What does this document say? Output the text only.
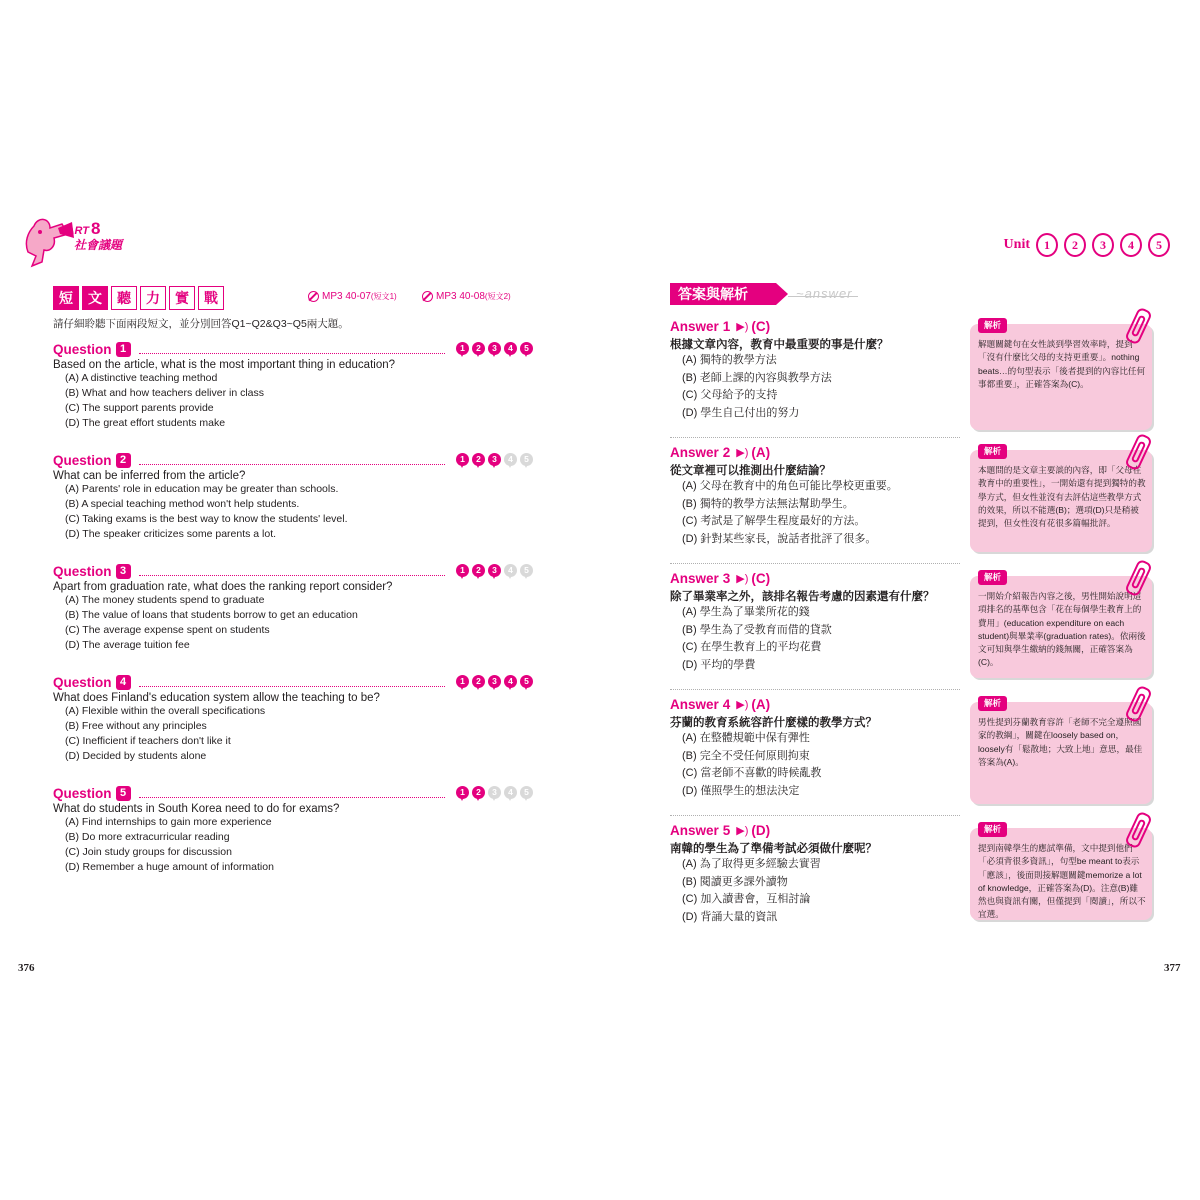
PART 8
社會議題
短	文	聽	力	實	戰	MP3 40-07 (短文1)	MP3 40-08 (短文2)
請仔細聆聽下面兩段短文，並分別回答Q1~Q2&Q3~Q5兩大題。
Question 1	1	2	3	4	5
Based on the article, what is the most important thing in education?
(A) A distinctive teaching method
(B) What and how teachers deliver in class
(C) The support parents provide
(D) The great effort students make
Question 2	1	2	3	4	5
What can be inferred from the article?
(A) Parents' role in education may be greater than schools.
(B) A special teaching method won't help students.
(C) Taking exams is the best way to know the students' level.
(D) The speaker criticizes some parents a lot.
Question 3	1	2	3	4	5
Apart from graduation rate, what does the ranking report consider?
(A) The money students spend to graduate
(B) The value of loans that students borrow to get an education
(C) The average expense spent on students
(D) The average tuition fee
Question 4	1	2	3	4	5
What does Finland's education system allow the teaching to be?
(A) Flexible within the overall specifications
(B) Free without any principles
(C) Inefficient if teachers don't like it
(D) Decided by students alone
Question 5	1	2	3	4	5
What do students in South Korea need to do for exams?
(A) Find internships to gain more experience
(B) Do more extracurricular reading
(C) Join study groups for discussion
(D) Remember a huge amount of information
376
Unit	1	2	3	4	5
答案與解析	~answer
Answer 1 ▶) (C)
根據文章內容，教育中最重要的事是什麼？
(A) 獨特的教學方法
(B) 老師上課的內容與教學方法
(C) 父母給予的支持
(D) 學生自己付出的努力
解析
解題關鍵句在女性談到學習效率時，提到「沒有什麼比父母的支持更重要」。nothing beats…的句型表示「後者提到的內容比任何事都重要」，正確答案為(C)。
Answer 2 ▶) (A)
從文章裡可以推測出什麼結論？
(A) 父母在教育中的角色可能比學校更重要。
(B) 獨特的教學方法無法幫助學生。
(C) 考試是了解學生程度最好的方法。
(D) 針對某些家長，說話者批評了很多。
解析
本題問的是文章主要談的內容，即「父母在教育中的重要性」，一開始還有提到獨特的教學方式，但女性並沒有去評估這些教學方式的效果，所以不能選(B)；選項(D)只是稍被提到，但女性沒有花很多篇幅批評。
Answer 3 ▶) (C)
除了畢業率之外，該排名報告考慮的因素還有什麼？
(A) 學生為了畢業所花的錢
(B) 學生為了受教育而借的貸款
(C) 在學生教育上的平均花費
(D) 平均的學費
解析
一開始介紹報告內容之後，男性開始說明這項排名的基準包含「花在每個學生教育上的費用」(education expenditure on each student)與畢業率(graduation rates)。依兩後文可知與學生繳納的錢無關，正確答案為(C)。
Answer 4 ▶) (A)
芬蘭的教育系統容許什麼樣的教學方式？
(A) 在整體規範中保有彈性
(B) 完全不受任何原則拘束
(C) 當老師不喜歡的時候亂教
(D) 僅照學生的想法決定
解析
男性提到芬蘭教育容許「老師不完全遵照國家的教綱」，關鍵在loosely based on，loosely有「鬆散地；大致上地」意思，最佳答案為(A)。
Answer 5 ▶) (D)
南韓的學生為了準備考試必須做什麼呢？
(A) 為了取得更多經驗去實習
(B) 閱讀更多課外讀物
(C) 加入讀書會，互相討論
(D) 背誦大量的資訊
解析
提到南韓學生的應試準備，文中提到他們「必須背很多資訊」，句型be meant to表示「應該」，後面則接解題關鍵memorize a lot of knowledge，正確答案為(D)。注意(B)雖然也與資訊有關，但僅提到「閱讀」，所以不宜選。
377
